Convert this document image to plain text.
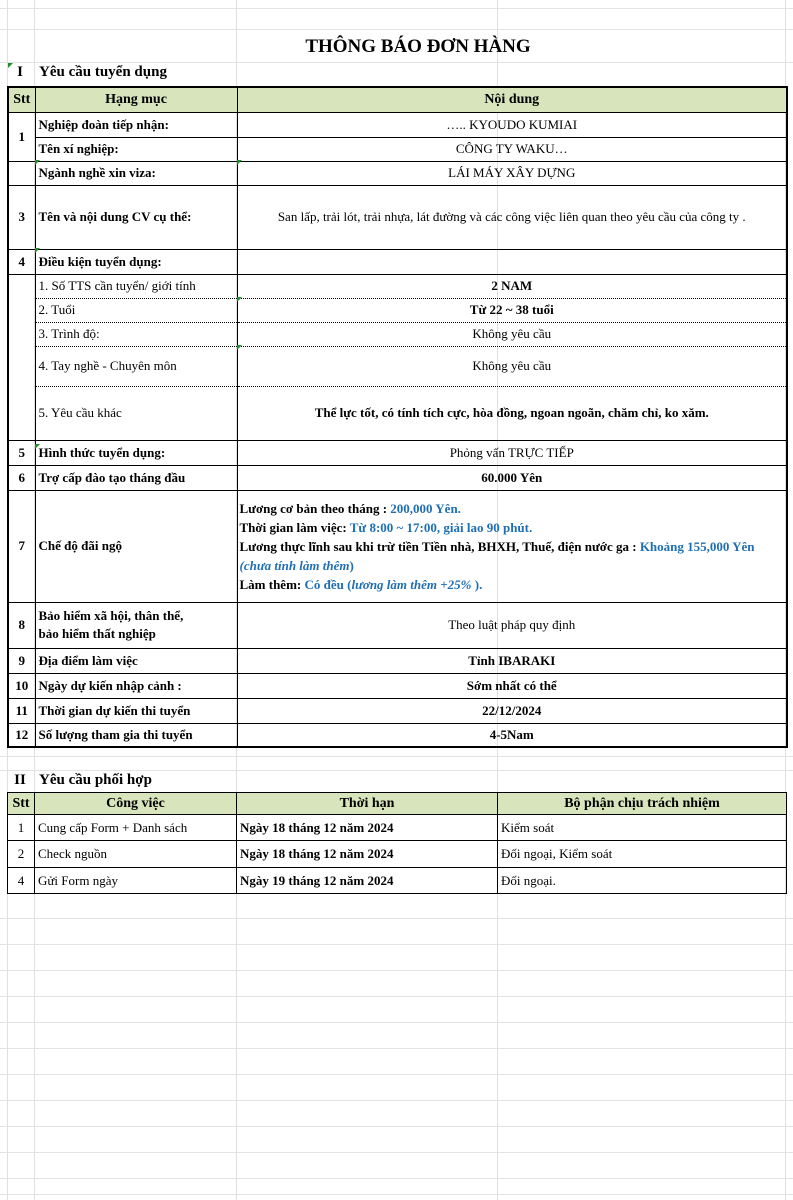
THÔNG BÁO ĐƠN HÀNG
I	Yêu cầu tuyển dụng
Stt	Hạng mục	Nội dung
1	Nghiệp đoàn tiếp nhận:	….. KYOUDO KUMIAI
	Tên xí nghiệp:	CÔNG TY WAKU…
	Ngành nghề xin viza:	LÁI MÁY XÂY DỰNG
3	Tên và nội dung CV cụ thể:	San lấp, trải lót, trải nhựa, lát đường và các công việc liên quan theo yêu cầu của công ty .
4	Điều kiện tuyển dụng:	
	1. Số TTS cần tuyển/ giới tính	2 NAM
	2. Tuổi	Từ 22 ~ 38 tuổi
	3. Trình độ:	Không yêu cầu
	4. Tay nghề - Chuyên môn	Không yêu cầu
	5. Yêu cầu khác	Thể lực tốt, có tính tích cực, hòa đồng, ngoan ngoãn, chăm chỉ, ko xăm.
5	Hình thức tuyển dụng:	Phỏng vấn TRỰC TIẾP
6	Trợ cấp đào tạo tháng đầu	60.000 Yên
7	Chế độ đãi ngộ	Lương cơ bản theo tháng : 200,000 Yên.
Thời gian làm việc: Từ 8:00 ~ 17:00, giải lao 90 phút.
Lương thực lĩnh sau khi trừ tiền Tiền nhà, BHXH, Thuế, điện nước ga : Khoảng 155,000 Yên
(chưa tính làm thêm)
Làm thêm: Có đều (lương làm thêm +25% ).

8	Bảo hiểm xã hội, thân thể,
bảo hiểm thất nghiệp	Theo luật pháp quy định
9	Địa điểm làm việc	Tỉnh IBARAKI
10	Ngày dự kiến nhập cảnh :	Sớm nhất có thể
11	Thời gian dự kiến thi tuyển	22/12/2024
12	Số lượng tham gia thi tuyển	4-5Nam
II Yêu cầu phối hợp
Stt	Công việc	Thời hạn	Bộ phận chịu trách nhiệm
1	Cung cấp Form + Danh sách	Ngày 18 tháng 12 năm 2024	Kiểm soát
2	Check nguồn	Ngày 18 tháng 12 năm 2024	Đối ngoại, Kiểm soát
4	Gửi Form ngày	Ngày 19 tháng 12 năm 2024	Đối ngoại.
